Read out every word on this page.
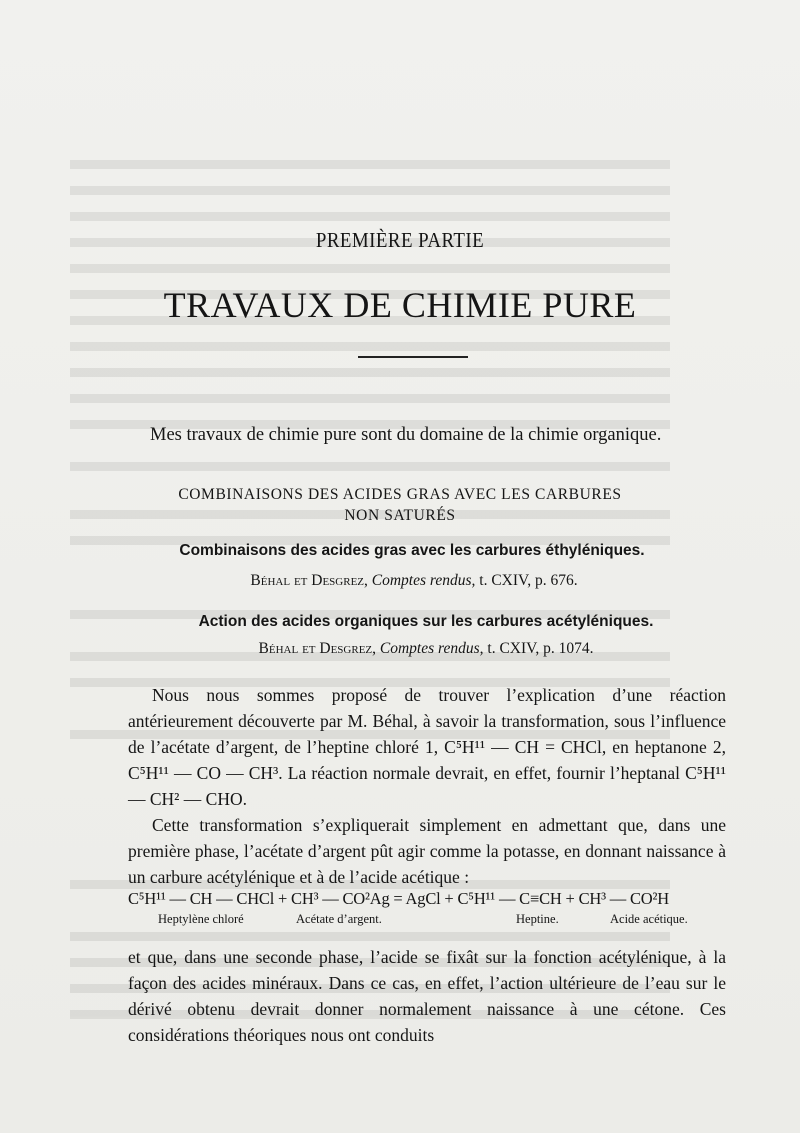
PREMIÈRE PARTIE
TRAVAUX DE CHIMIE PURE
Mes travaux de chimie pure sont du domaine de la chimie organique.
COMBINAISONS DES ACIDES GRAS AVEC LES CARBURES
NON SATURÉS
Combinaisons des acides gras avec les carbures éthyléniques.
Béhal et Desgrez, Comptes rendus, t. CXIV, p. 676.
Action des acides organiques sur les carbures acétyléniques.
Béhal et Desgrez, Comptes rendus, t. CXIV, p. 1074.

Nous nous sommes proposé de trouver l’explication d’une réaction antérieurement découverte par M. Béhal, à savoir la transformation, sous l’influence de l’acétate d’argent, de l’heptine chloré 1, C⁵H¹¹ — CH = CHCl, en heptanone 2, C⁵H¹¹ — CO — CH³. La réaction normale devrait, en effet, fournir l’heptanal C⁵H¹¹ — CH² — CHO.

Cette transformation s’expliquerait simplement en admettant que, dans une première phase, l’acétate d’argent pût agir comme la potasse, en donnant naissance à un carbure acétylénique et à de l’acide acétique :

C⁵H¹¹ — CH — CHCl + CH³ — CO²Ag = AgCl + C⁵H¹¹ — C≡CH + CH³ — CO²H
Heptylène chloré	Acétate d’argent.	Heptine.	Acide acétique.

et que, dans une seconde phase, l’acide se fixât sur la fonction acétylénique, à la façon des acides minéraux. Dans ce cas, en effet, l’action ultérieure de l’eau sur le dérivé obtenu devrait donner normalement naissance à une cétone. Ces considérations théoriques nous ont conduits
